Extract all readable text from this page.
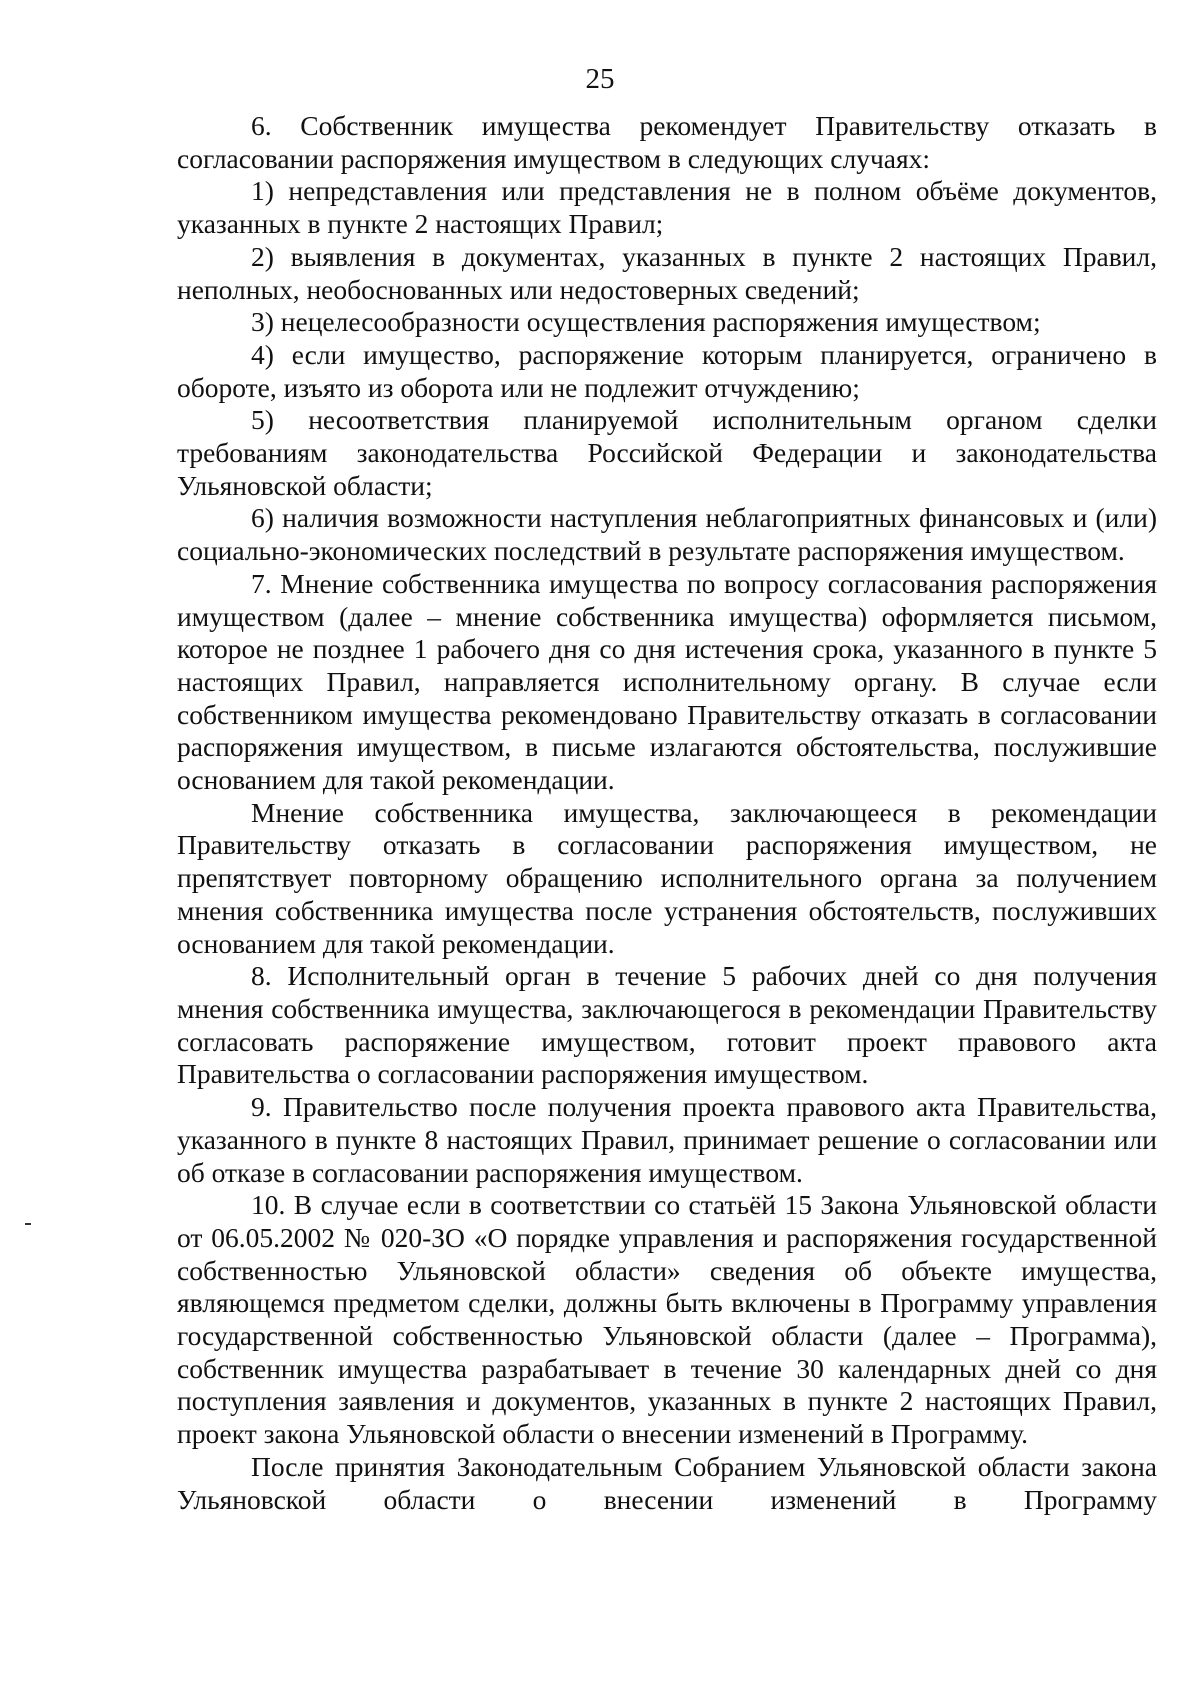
25

6. Собственник имущества рекомендует Правительству отказать в согласовании распоряжения имуществом в следующих случаях:

1) непредставления или представления не в полном объёме документов, указанных в пункте 2 настоящих Правил;

2) выявления в документах, указанных в пункте 2 настоящих Правил, неполных, необоснованных или недостоверных сведений;

3) нецелесообразности осуществления распоряжения имуществом;

4) если имущество, распоряжение которым планируется, ограничено в обороте, изъято из оборота или не подлежит отчуждению;

5) несоответствия планируемой исполнительным органом сделки требованиям законодательства Российской Федерации и законодательства Ульяновской области;

6) наличия возможности наступления неблагоприятных финансовых и (или) социально-экономических последствий в результате распоряжения имуществом.

7. Мнение собственника имущества по вопросу согласования распоряжения имуществом (далее – мнение собственника имущества) оформляется письмом, которое не позднее 1 рабочего дня со дня истечения срока, указанного в пункте 5 настоящих Правил, направляется исполнительному органу. В случае если собственником имущества рекомендовано Правительству отказать в согласовании распоряжения имуществом, в письме излагаются обстоятельства, послужившие основанием для такой рекомендации.

Мнение собственника имущества, заключающееся в рекомендации Правительству отказать в согласовании распоряжения имуществом, не препятствует повторному обращению исполнительного органа за получением мнения собственника имущества после устранения обстоятельств, послуживших основанием для такой рекомендации.

8. Исполнительный орган в течение 5 рабочих дней со дня получения мнения собственника имущества, заключающегося в рекомендации Правительству согласовать распоряжение имуществом, готовит проект правового акта Правительства о согласовании распоряжения имуществом.

9. Правительство после получения проекта правового акта Правительства, указанного в пункте 8 настоящих Правил, принимает решение о согласовании или об отказе в согласовании распоряжения имуществом.

10. В случае если в соответствии со статьёй 15 Закона Ульяновской области от 06.05.2002 № 020-ЗО «О порядке управления и распоряжения государственной собственностью Ульяновской области» сведения об объекте имущества, являющемся предметом сделки, должны быть включены в Программу управления государственной собственностью Ульяновской области (далее – Программа), собственник имущества разрабатывает в течение 30 календарных дней со дня поступления заявления и документов, указанных в пункте 2 настоящих Правил, проект закона Ульяновской области о внесении изменений в Программу.

После принятия Законодательным Собранием Ульяновской области закона Ульяновской области о внесении изменений в Программу
